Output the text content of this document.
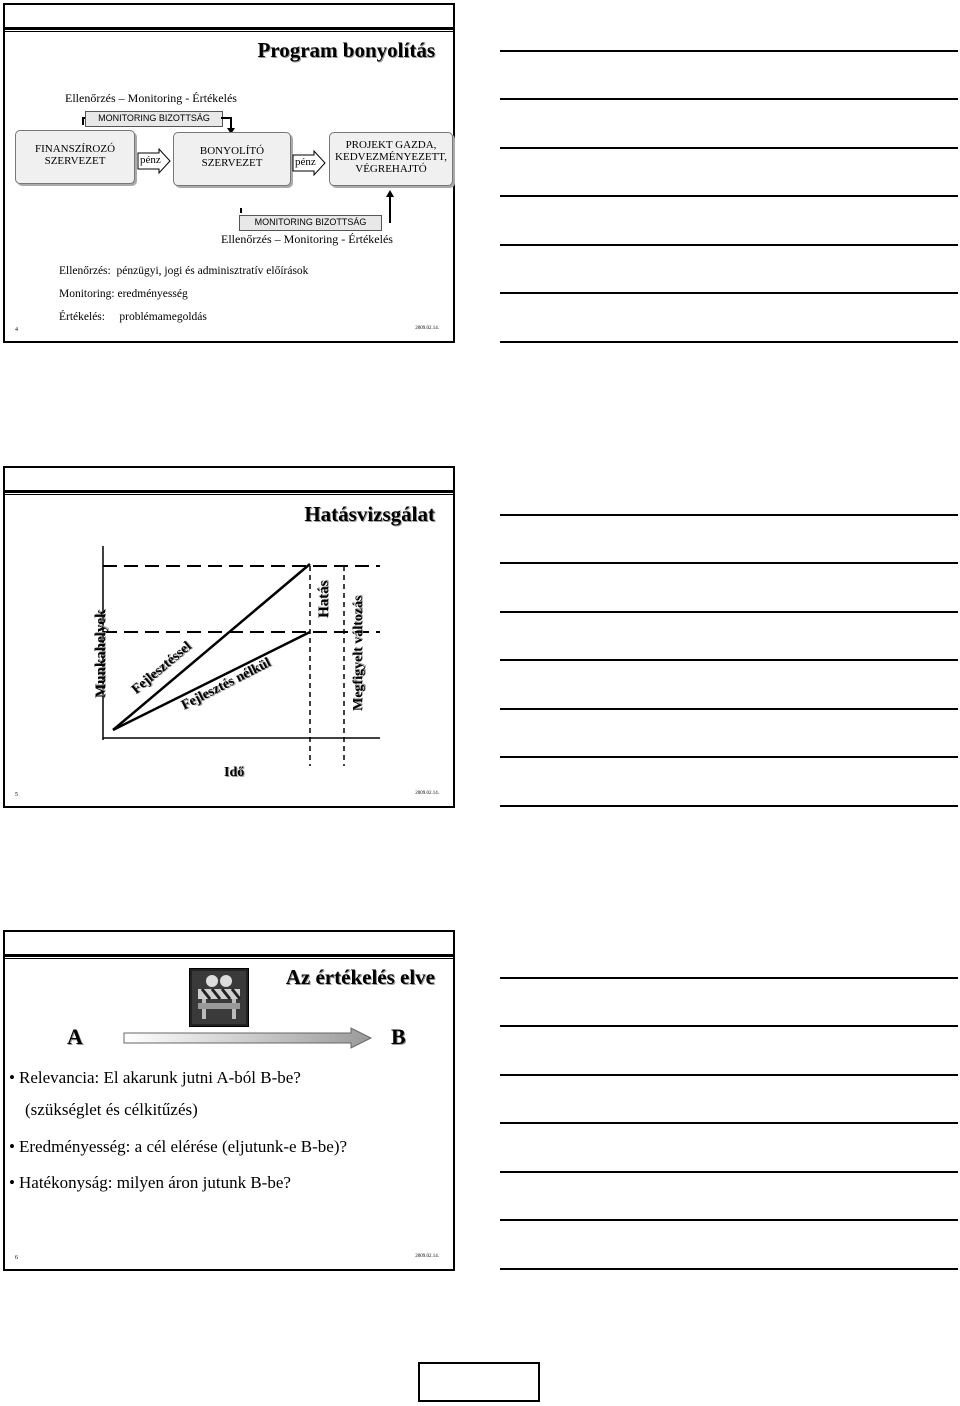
Program bonyolítás
Ellenőrzés – Monitoring - Értékelés
MONITORING BIZOTTSÁG
FINANSZÍROZÓ
SZERVEZET	pénz
BONYOLÍTÓ
SZERVEZET	pénz
PROJEKT GAZDA,
KEDVEZMÉNYEZETT,
VÉGREHAJTÓ
MONITORING BIZOTTSÁG
Ellenőrzés – Monitoring - Értékelés
Ellenőrzés: pénzügyi, jogi és adminisztratív előírások
Monitoring: eredményesség
Értékelés: problémamegoldás
4	2009.02.14.
Hatásvizsgálat
Munkahelyek Fejlesztéssel
Fejlesztés nélkül
Hatás Megfigyelt változás
Idő
5	2009.02.14.
Az értékelés elve
A	B
• Relevancia: El akarunk jutni A-ból B-be?
(szükséglet és célkitűzés)
• Eredményesség: a cél elérése (eljutunk-e B-be)?
• Hatékonyság: milyen áron jutunk B-be?
6	2009.02.14.
